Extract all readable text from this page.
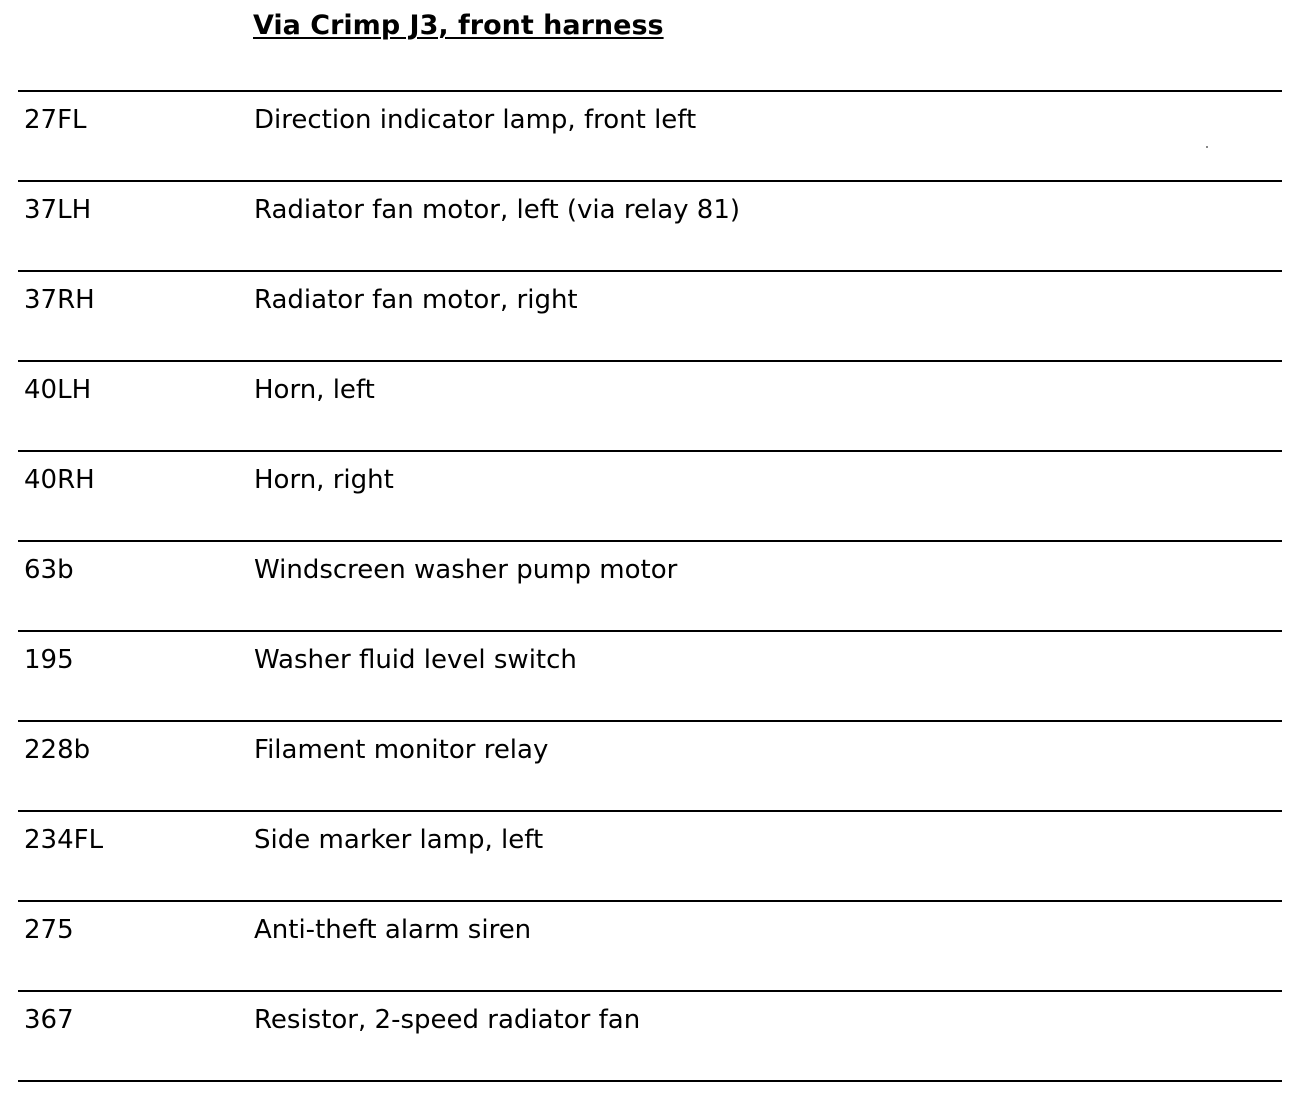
Via Crimp J3, front harness
27FL	Direction indicator lamp, front left
37LH	Radiator fan motor, left (via relay 81)
37RH	Radiator fan motor, right
40LH	Horn, left
40RH	Horn, right
63b	Windscreen washer pump motor
195	Washer fluid level switch
228b	Filament monitor relay
234FL	Side marker lamp, left
275	Anti-theft alarm siren
367	Resistor, 2-speed radiator fan
